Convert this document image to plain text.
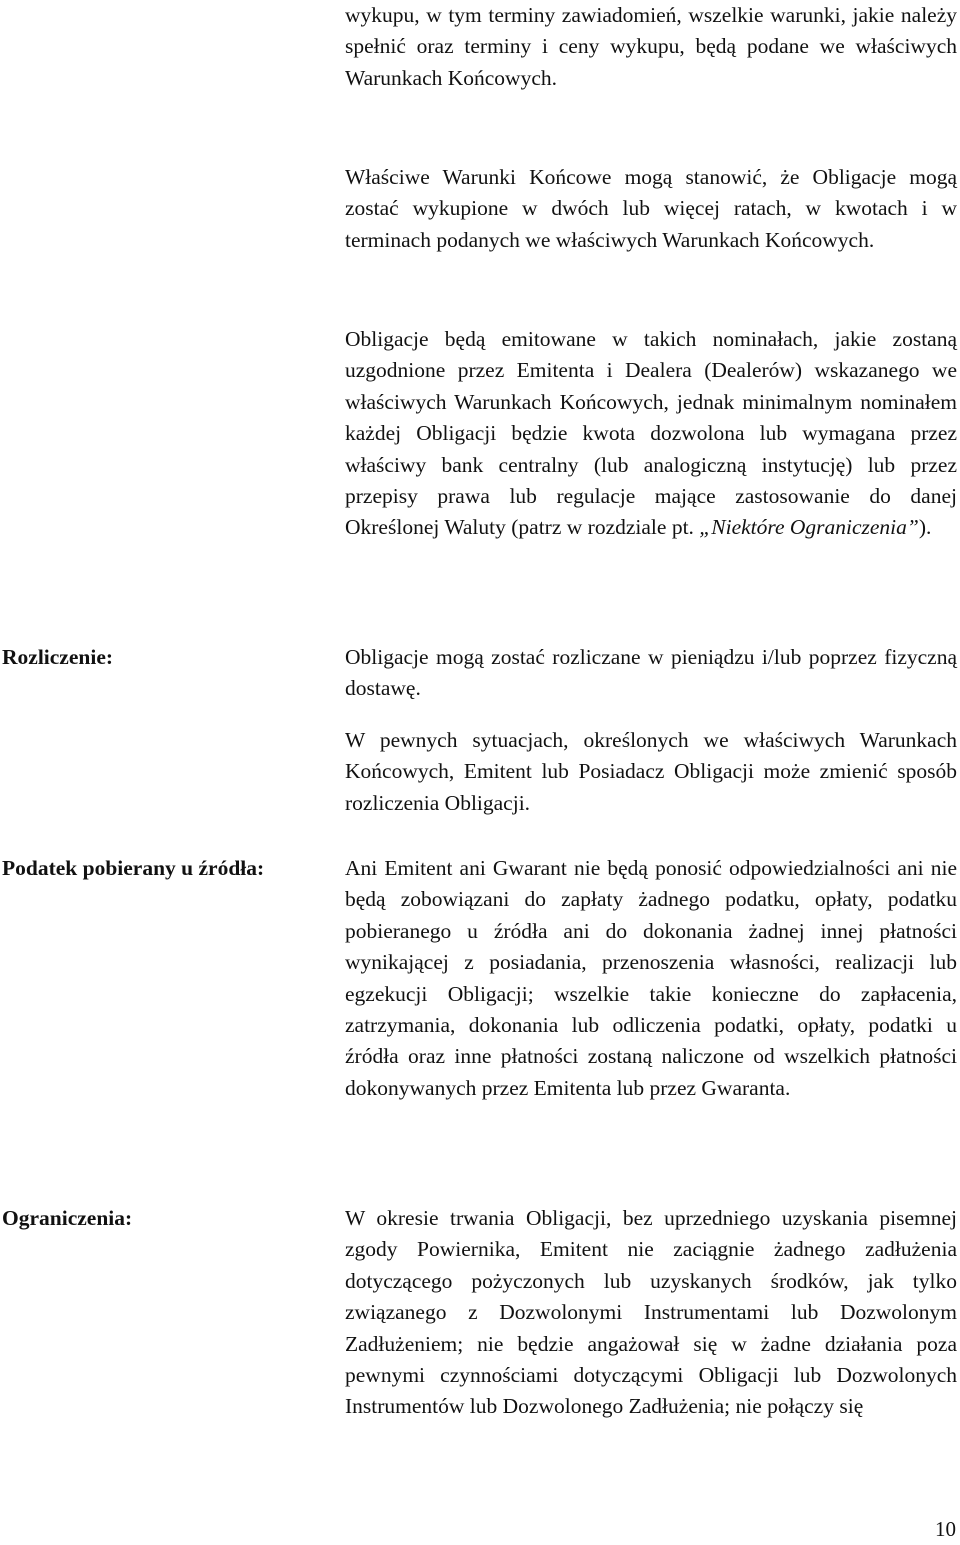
wykupu, w tym terminy zawiadomień, wszelkie warunki, jakie należy spełnić oraz terminy i ceny wykupu, będą podane we właściwych Warunkach Końcowych.

Właściwe Warunki Końcowe mogą stanowić, że Obligacje mogą zostać wykupione w dwóch lub więcej ratach, w kwotach i w terminach podanych we właściwych Warunkach Końcowych.

Obligacje będą emitowane w takich nominałach, jakie zostaną uzgodnione przez Emitenta i Dealera (Dealerów) wskazanego we właściwych Warunkach Końcowych, jednak minimalnym nominałem każdej Obligacji będzie kwota dozwolona lub wymagana przez właściwy bank centralny (lub analogiczną instytucję) lub przez przepisy prawa lub regulacje mające zastosowanie do danej Określonej Waluty (patrz w rozdziale pt. „Niektóre Ograniczenia”).

Rozliczenie:	Obligacje mogą zostać rozliczane w pieniądzu i/lub poprzez fizyczną dostawę.

W pewnych sytuacjach, określonych we właściwych Warunkach Końcowych, Emitent lub Posiadacz Obligacji może zmienić sposób rozliczenia Obligacji.

Podatek pobierany u źródła:	Ani Emitent ani Gwarant nie będą ponosić odpowiedzialności ani nie będą zobowiązani do zapłaty żadnego podatku, opłaty, podatku pobieranego u źródła ani do dokonania żadnej innej płatności wynikającej z posiadania, przenoszenia własności, realizacji lub egzekucji Obligacji; wszelkie takie konieczne do zapłacenia, zatrzymania, dokonania lub odliczenia podatki, opłaty, podatki u źródła oraz inne płatności zostaną naliczone od wszelkich płatności dokonywanych przez Emitenta lub przez Gwaranta.

Ograniczenia:	W okresie trwania Obligacji, bez uprzedniego uzyskania pisemnej zgody Powiernika, Emitent nie zaciągnie żadnego zadłużenia dotyczącego pożyczonych lub uzyskanych środków, jak tylko związanego z Dozwolonymi Instrumentami lub Dozwolonym Zadłużeniem; nie będzie angażował się w żadne działania poza pewnymi czynnościami dotyczącymi Obligacji lub Dozwolonych Instrumentów lub Dozwolonego Zadłużenia; nie połączy się

10
